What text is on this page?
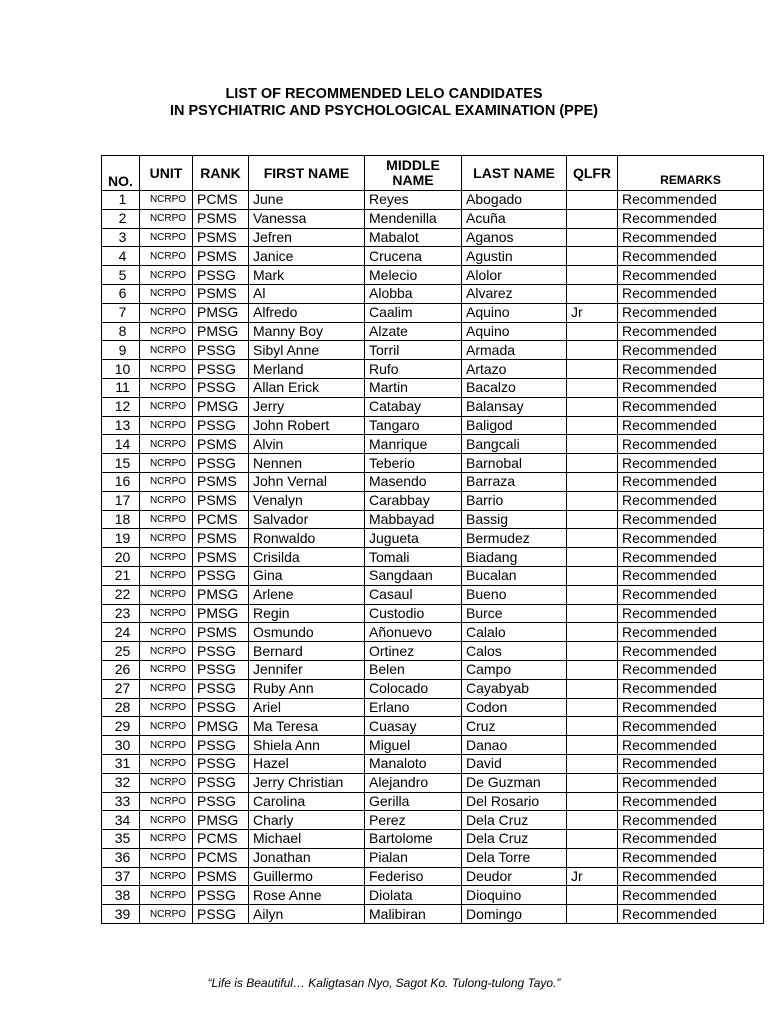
LIST OF RECOMMENDED LELO CANDIDATES
IN PSYCHIATRIC AND PSYCHOLOGICAL EXAMINATION (PPE)
NO.	UNIT	RANK	FIRST NAME	MIDDLE NAME	LAST NAME	QLFR	REMARKS
1	NCRPO	PCMS	June	Reyes	Abogado		Recommended
2	NCRPO	PSMS	Vanessa	Mendenilla	Acuña		Recommended
3	NCRPO	PSMS	Jefren	Mabalot	Aganos		Recommended
4	NCRPO	PSMS	Janice	Crucena	Agustin		Recommended
5	NCRPO	PSSG	Mark	Melecio	Alolor		Recommended
6	NCRPO	PSMS	Al	Alobba	Alvarez		Recommended
7	NCRPO	PMSG	Alfredo	Caalim	Aquino	Jr	Recommended
8	NCRPO	PMSG	Manny Boy	Alzate	Aquino		Recommended
9	NCRPO	PSSG	Sibyl Anne	Torril	Armada		Recommended
10	NCRPO	PSSG	Merland	Rufo	Artazo		Recommended
11	NCRPO	PSSG	Allan Erick	Martin	Bacalzo		Recommended
12	NCRPO	PMSG	Jerry	Catabay	Balansay		Recommended
13	NCRPO	PSSG	John Robert	Tangaro	Baligod		Recommended
14	NCRPO	PSMS	Alvin	Manrique	Bangcali		Recommended
15	NCRPO	PSSG	Nennen	Teberio	Barnobal		Recommended
16	NCRPO	PSMS	John Vernal	Masendo	Barraza		Recommended
17	NCRPO	PSMS	Venalyn	Carabbay	Barrio		Recommended
18	NCRPO	PCMS	Salvador	Mabbayad	Bassig		Recommended
19	NCRPO	PSMS	Ronwaldo	Jugueta	Bermudez		Recommended
20	NCRPO	PSMS	Crisilda	Tomali	Biadang		Recommended
21	NCRPO	PSSG	Gina	Sangdaan	Bucalan		Recommended
22	NCRPO	PMSG	Arlene	Casaul	Bueno		Recommended
23	NCRPO	PMSG	Regin	Custodio	Burce		Recommended
24	NCRPO	PSMS	Osmundo	Añonuevo	Calalo		Recommended
25	NCRPO	PSSG	Bernard	Ortinez	Calos		Recommended
26	NCRPO	PSSG	Jennifer	Belen	Campo		Recommended
27	NCRPO	PSSG	Ruby Ann	Colocado	Cayabyab		Recommended
28	NCRPO	PSSG	Ariel	Erlano	Codon		Recommended
29	NCRPO	PMSG	Ma Teresa	Cuasay	Cruz		Recommended
30	NCRPO	PSSG	Shiela Ann	Miguel	Danao		Recommended
31	NCRPO	PSSG	Hazel	Manaloto	David		Recommended
32	NCRPO	PSSG	Jerry Christian	Alejandro	De Guzman		Recommended
33	NCRPO	PSSG	Carolina	Gerilla	Del Rosario		Recommended
34	NCRPO	PMSG	Charly	Perez	Dela Cruz		Recommended
35	NCRPO	PCMS	Michael	Bartolome	Dela Cruz		Recommended
36	NCRPO	PCMS	Jonathan	Pialan	Dela Torre		Recommended
37	NCRPO	PSMS	Guillermo	Federiso	Deudor	Jr	Recommended
38	NCRPO	PSSG	Rose Anne	Diolata	Dioquino		Recommended
39	NCRPO	PSSG	Ailyn	Malibiran	Domingo		Recommended
“Life is Beautiful… Kaligtasan Nyo, Sagot Ko. Tulong-tulong Tayo.”
